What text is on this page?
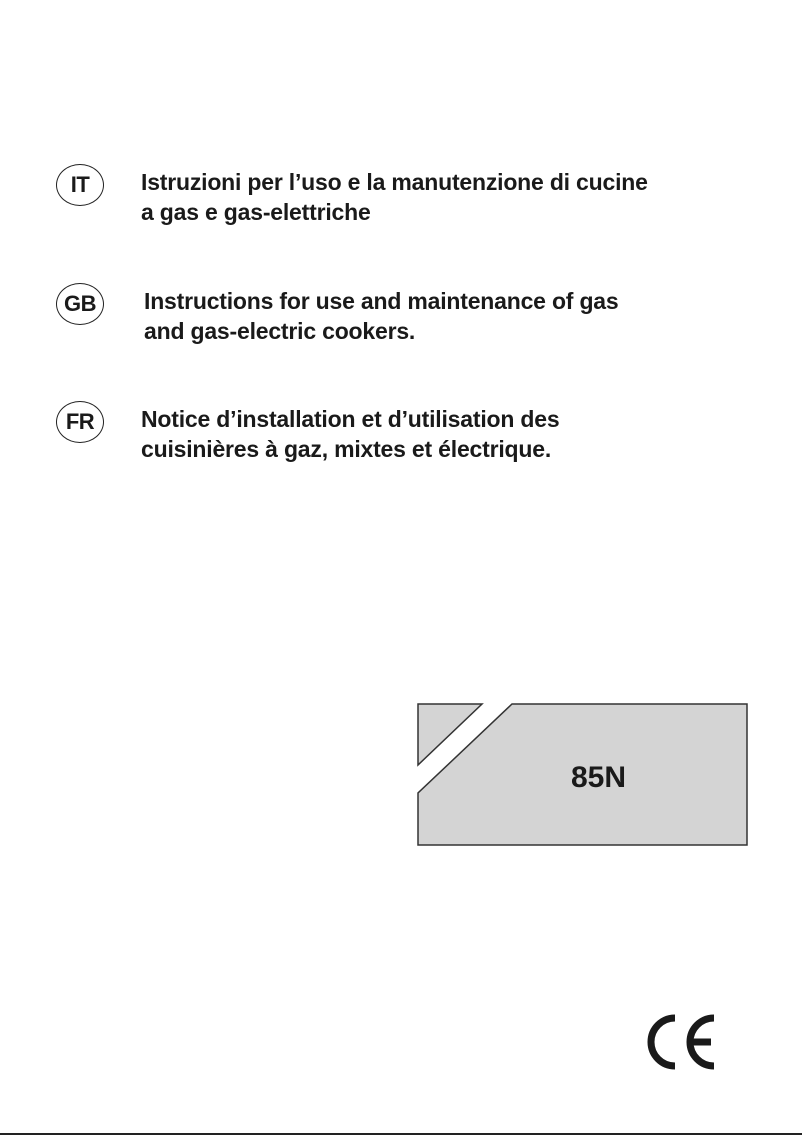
IT	Istruzioni per l’uso e la manutenzione di cucine
a gas e gas-elettriche
GB	Instructions for use and maintenance of gas
and gas-electric cookers.
FR	Notice d’installation et d’utilisation des
cuisinières à gaz, mixtes et électrique.
85N
